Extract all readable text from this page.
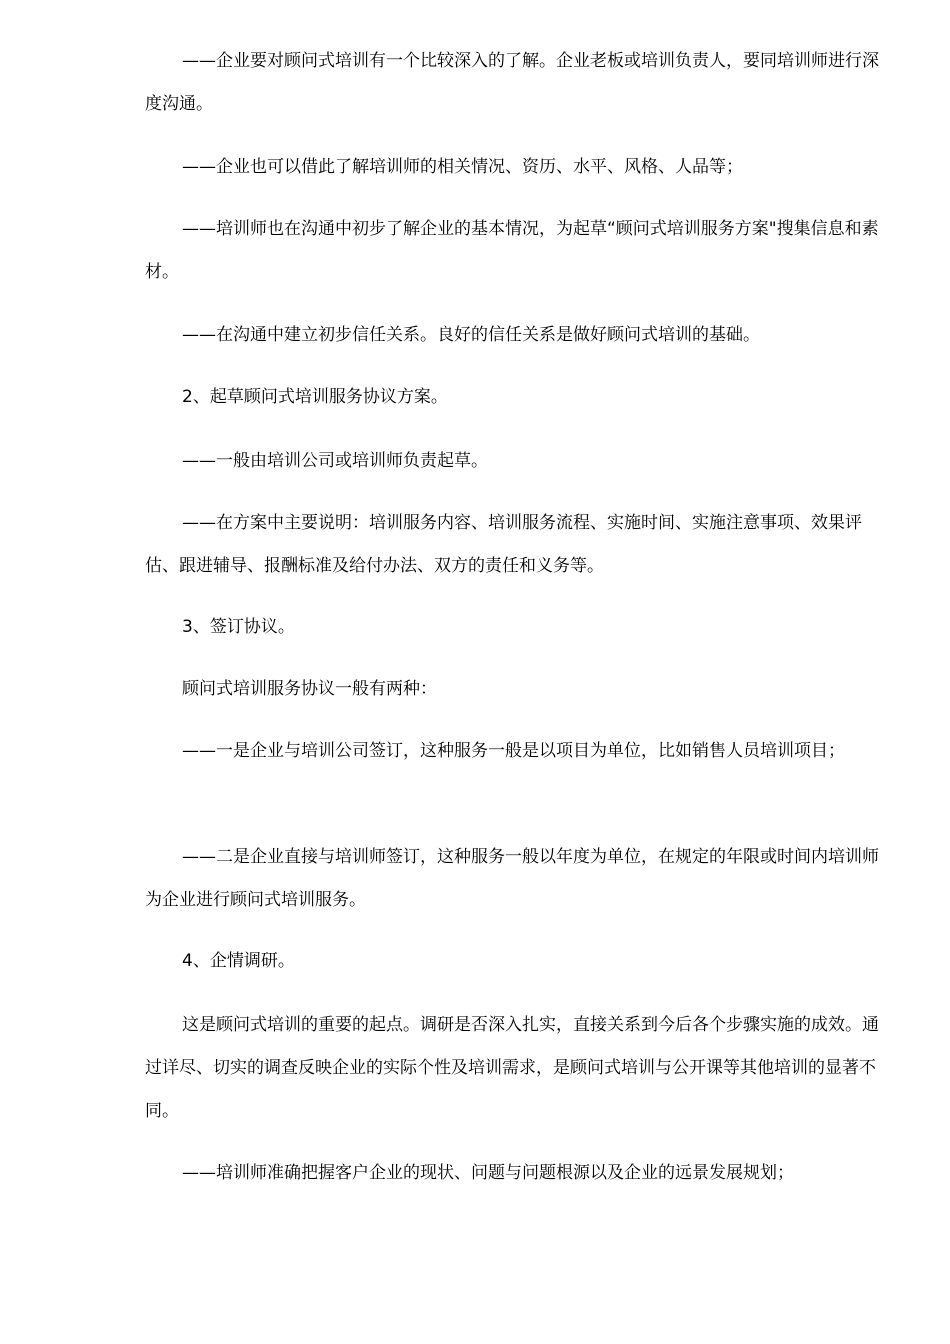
——企业要对顾问式培训有一个比较深入的了解。企业老板或培训负责人，要同培训师进行深度沟通。

——企业也可以借此了解培训师的相关情况、资历、水平、风格、人品等；

——培训师也在沟通中初步了解企业的基本情况，为起草“顾问式培训服务方案"搜集信息和素材。

——在沟通中建立初步信任关系。良好的信任关系是做好顾问式培训的基础。

2、起草顾问式培训服务协议方案。

——一般由培训公司或培训师负责起草。

——在方案中主要说明：培训服务内容、培训服务流程、实施时间、实施注意事项、效果评估、跟进辅导、报酬标准及给付办法、双方的责任和义务等。

3、签订协议。

顾问式培训服务协议一般有两种：

——一是企业与培训公司签订，这种服务一般是以项目为单位，比如销售人员培训项目；

——二是企业直接与培训师签订，这种服务一般以年度为单位，在规定的年限或时间内培训师为企业进行顾问式培训服务。

4、企情调研。

这是顾问式培训的重要的起点。调研是否深入扎实，直接关系到今后各个步骤实施的成效。通过详尽、切实的调查反映企业的实际个性及培训需求，是顾问式培训与公开课等其他培训的显著不同。

——培训师准确把握客户企业的现状、问题与问题根源以及企业的远景发展规划；
